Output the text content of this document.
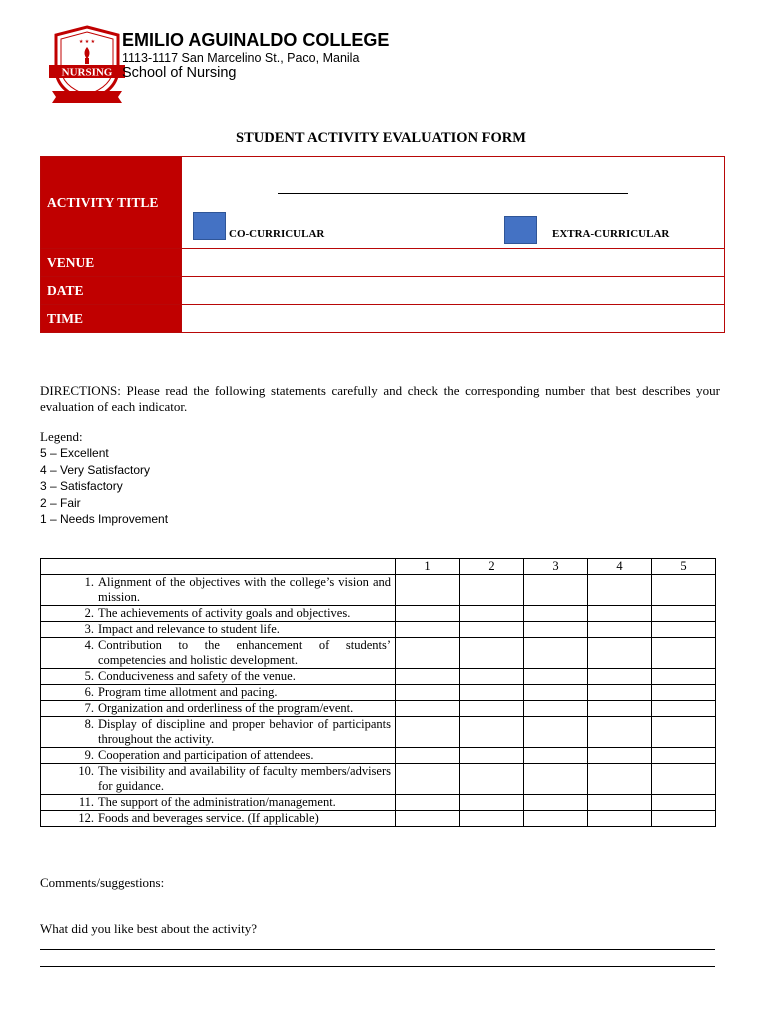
★ ★ ★
NURSING
EMILIO AGUINALDO COLLEGE
1113-1117 San Marcelino St., Paco, Manila
School of Nursing
STUDENT ACTIVITY EVALUATION FORM
ACTIVITY TITLE	CO-CURRICULAR EXTRA-CURRICULAR

VENUE	
DATE	
TIME	
DIRECTIONS: Please read the following statements carefully and check the corresponding number that best describes your evaluation of each indicator.
Legend:
5 – Excellent
4 – Very Satisfactory
3 – Satisfactory
2 – Fair
1 – Needs Improvement
	1	2	3	4	5

1. Alignment of the objectives with the college’s vision and mission.					

2. The achievements of activity goals and objectives.					

3. Impact and relevance to student life.					

4. Contribution to the enhancement of students’ competencies and holistic development.					

5. Conduciveness and safety of the venue.					

6. Program time allotment and pacing.					

7. Organization and orderliness of the program/event.					

8. Display of discipline and proper behavior of participants throughout the activity.					

9. Cooperation and participation of attendees.					

10. The visibility and availability of faculty members/advisers for guidance.					

11. The support of the administration/management.					

12. Foods and beverages service. (If applicable)					

Comments/suggestions:
What did you like best about the activity?
